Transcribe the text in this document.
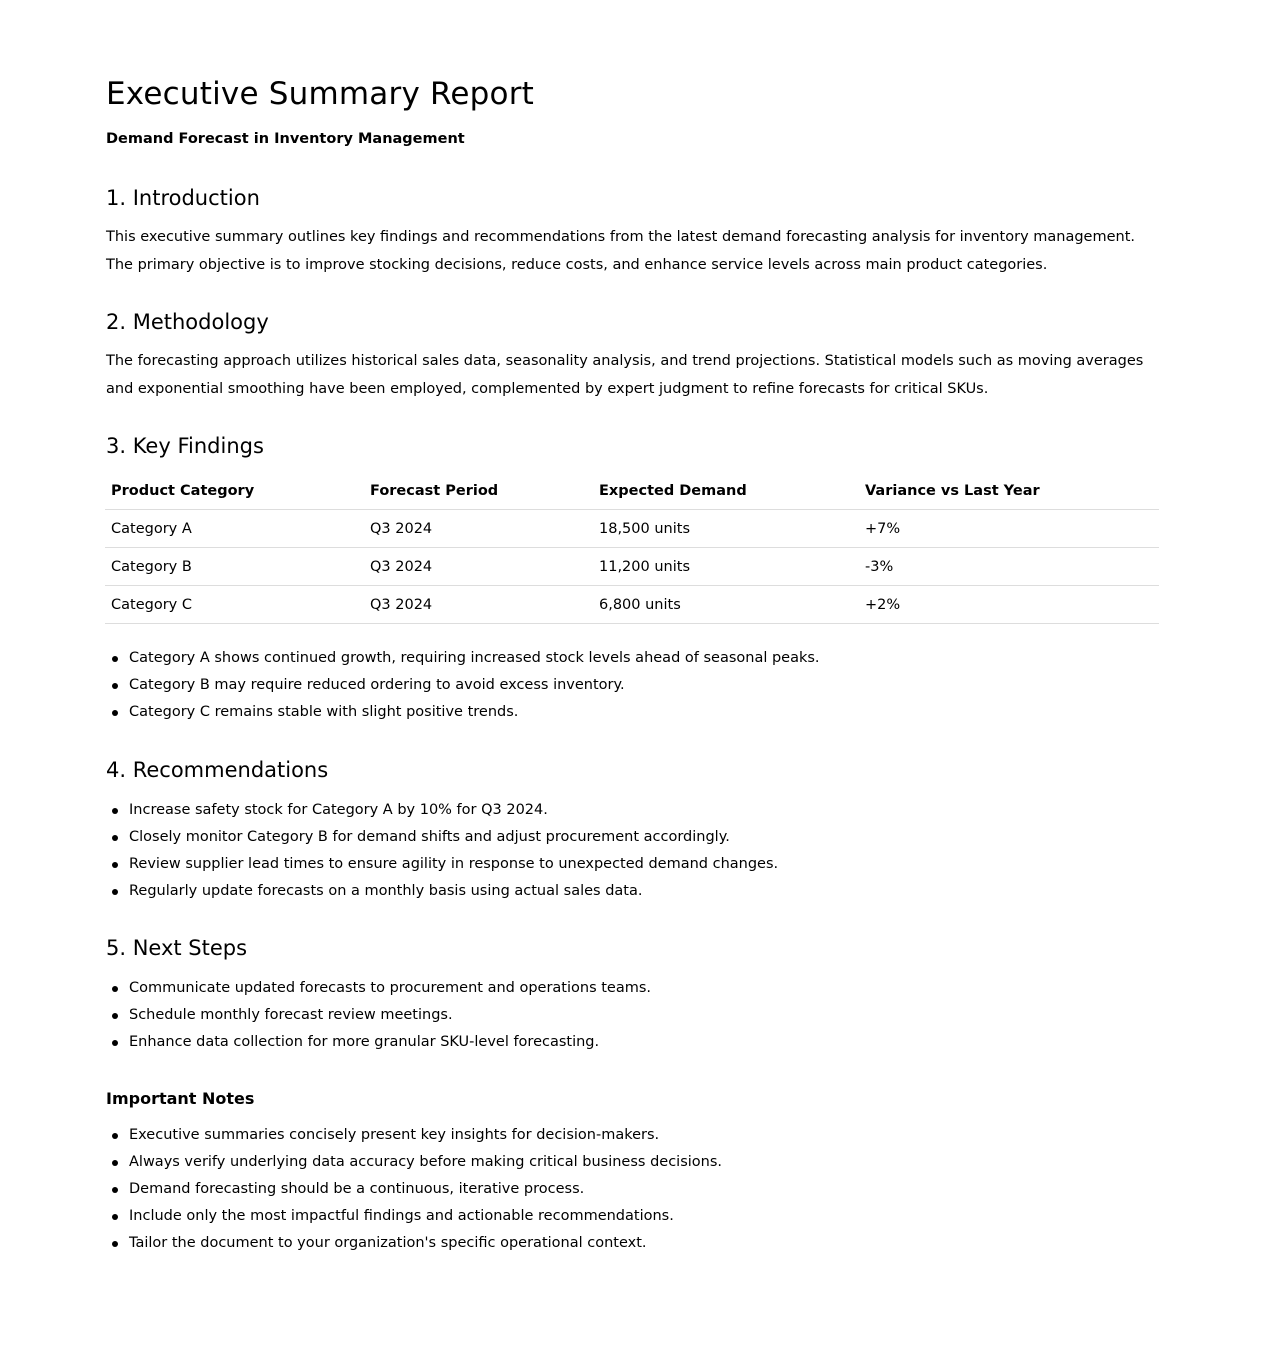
Executive Summary Report
Demand Forecast in Inventory Management
1. Introduction

This executive summary outlines key findings and recommendations from the latest demand forecasting analysis for inventory management. The primary objective is to improve stocking decisions, reduce costs, and enhance service levels across main product categories.

2. Methodology

The forecasting approach utilizes historical sales data, seasonality analysis, and trend projections. Statistical models such as moving averages and exponential smoothing have been employed, complemented by expert judgment to refine forecasts for critical SKUs.

3. Key Findings
Product Category	Forecast Period	Expected Demand	Variance vs Last Year
Category A	Q3 2024	18,500 units	+7%
Category B	Q3 2024	11,200 units	-3%
Category C	Q3 2024	6,800 units	+2%
Category A shows continued growth, requiring increased stock levels ahead of seasonal peaks.
Category B may require reduced ordering to avoid excess inventory.
Category C remains stable with slight positive trends.
4. Recommendations
Increase safety stock for Category A by 10% for Q3 2024.
Closely monitor Category B for demand shifts and adjust procurement accordingly.
Review supplier lead times to ensure agility in response to unexpected demand changes.
Regularly update forecasts on a monthly basis using actual sales data.
5. Next Steps
Communicate updated forecasts to procurement and operations teams.
Schedule monthly forecast review meetings.
Enhance data collection for more granular SKU-level forecasting.
Important Notes
Executive summaries concisely present key insights for decision-makers.
Always verify underlying data accuracy before making critical business decisions.
Demand forecasting should be a continuous, iterative process.
Include only the most impactful findings and actionable recommendations.
Tailor the document to your organization's specific operational context.
